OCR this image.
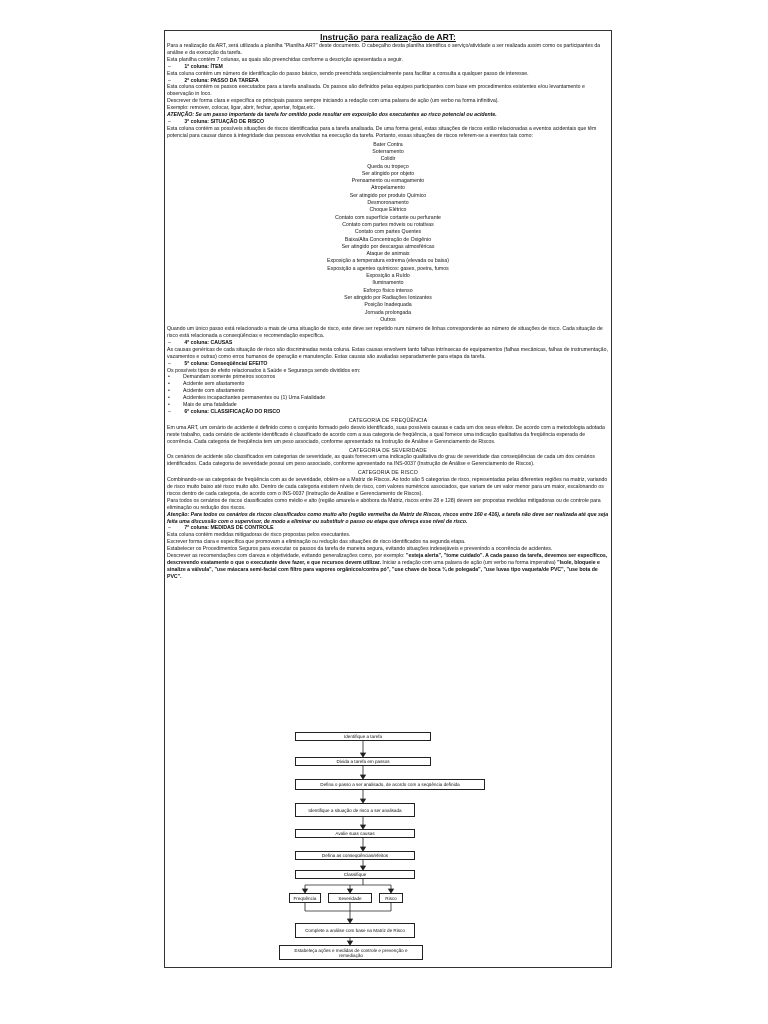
Instrução para realização de ART:

Para a realização da ART, será utilizada a planilha "Planilha ART" deste documento. O cabeçalho desta planilha identifica o serviço/atividade a ser realizada assim como os participantes da análise e da execução da tarefa.

Esta planilha contém 7 colunas, as quais são preenchidas conforme a descrição apresentada a seguir.

– 1ª coluna: ÍTEM

Esta coluna contém um número de identificação do passo básico, sendo preenchida seqüencialmente para facilitar a consulta a qualquer passo de interesse.

– 2ª coluna: PASSO DA TAREFA

Esta coluna contém os passos executados para a tarefa analisada. Os passos são definidos pelas equipes participantes com base em procedimentos existentes e/ou levantamento e observação in loco.

Descrever de forma clara e específica os principais passos sempre iniciando a redação com uma palavra de ação (um verbo na forma infinitiva).

Exemplo: remover, colocar, ligar, abrir, fechar, apertar, folgar,etc.

ATENÇÃO: Se um passo importante da tarefa for omitido pode resultar em exposição dos executantes ao risco potencial ou acidente.

– 3ª coluna: SITUAÇÃO DE RISCO

Esta coluna contém as possíveis situações de riscos identificadas para a tarefa analisada. De uma forma geral, estas situações de riscos estão relacionadas a eventos acidentais que têm potencial para causar danos à integridade das pessoas envolvidas na execução da tarefa. Portanto, essas situações de riscos referem-se a eventos tais como:

Bater Contra
Soterramento
Colidir
Queda ou tropeço
Ser atingido por objeto
Prensamento ou esmagamento
Atropelamento
Ser atingido por produto Químico
Desmoronamento
Choque Elétrico
Contato com superfície cortante ou perfurante
Contato com partes móveis ou rotativas
Contato com partes Quentes
Baixa/Alta Concentração de Oxigênio
Ser atingido por descargas atmosféricas
Ataque de animais
Exposição a temperatura extrema (elevada ou baixa)
Exposição a agentes químicos: gases, poeira, fumos
Exposição a Ruído
Iluminamento
Esforço físico intenso
Ser atingido por Radiações Ionizantes
Posição Inadequada
Jornada prolongada
Outros

Quando um único passo está relacionado a mais de uma situação de risco, este deve ser repetido num número de linhas correspondente ao número de situações de risco. Cada situação de risco está relacionada a conseqüências e recomendação específica.

– 4ª coluna: CAUSAS

As causas genéricas de cada situação de risco são discriminadas nesta coluna. Estas causas envolvem tanto falhas intrínsecas de equipamentos (falhas mecânicas, falhas de instrumentação, vazamentos e outras) como erros humanos de operação e manutenção. Estas causas são avaliadas separadamente para etapa da tarefa.

– 5ª coluna: Conseqüência/ EFEITO

Os possíveis tipos de efeito relacionados à Saúde e Segurança sendo divididos em:

• Demandam somente primeiros socorros
• Acidente sem afastamento
• Acidente com afastamento
• Acidentes incapacitantes permanentes ou (1) Uma Fatalidade
• Mais de uma fatalidade

– 6ª coluna: CLASSIFICAÇÃO DO RISCO

CATEGORIA DE FREQÜÊNCIA

Em uma ART, um cenário de acidente é definido como o conjunto formado pelo desvio identificado, suas possíveis causas e cada um dos seus efeitos. De acordo com a metodologia adotada neste trabalho, cada cenário de acidente identificado é classificado de acordo com a sua categoria de freqüência, a qual fornece uma indicação qualitativa da freqüência esperada de ocorrência. Cada categoria de freqüência tem um peso associado, conforme apresentado na Instrução de Análise e Gerenciamento de Riscos.

CATEGORIA DE SEVERIDADE

Os cenários de acidente são classificados em categorias de severidade, as quais fornecem uma indicação qualitativa do grau de severidade das conseqüências de cada um dos cenários identificados. Cada categoria de severidade possui um peso associado, conforme apresentado na INS-0037 (Instrução de Análise e Gerenciamento de Riscos).

CATEGORIA DE RISCO

Combinando-se as categorias de freqüência com as de severidade, obtém-se a Matriz de Riscos. Ao todo são 5 categorias de risco, representadas pelas diferentes regiões na matriz, variando de risco muito baixo até risco muito alto. Dentro de cada categoria existem níveis de risco, com valores numéricos associados, que variam de um valor menor para um maior, escalonando os riscos dentro de cada categoria, de acordo com o INS-0037 (Instrução de Análise e Gerenciamento de Riscos).

Para todos os cenários de riscos classificados como médio e alto (região amarela e abóbora da Matriz, riscos entre 28 e 128) devem ser propostas medidas mitigadoras ou de controle para eliminação ou redução dos riscos.

Atenção: Para todos os cenários de riscos classificados como muito alto (região vermelha da Matriz de Riscos, riscos entre 160 e 416), a tarefa não deve ser realizada até que seja feita uma discussão com o supervisor, de modo a eliminar ou substituir o passo ou etapa que ofereça esse nível de risco.

– 7ª coluna: MEDIDAS DE CONTROLE

Esta coluna contém medidas mitigadoras de risco propostas pelos executantes.

Escrever forma clara e específica que promovam a eliminação ou redução das situações de risco identificados na segunda etapa.

Estabelecer os Procedimentos Seguros para executar os passos da tarefa de maneira segura, evitando situações indesejáveis e prevenindo a ocorrência de acidentes.

Descrever as recomendações com clareza e objetividade, evitando generalizações como, por exemplo: "esteja alerta", "tome cuidado". A cada passo da tarefa, devemos ser específicos, descrevendo exatamente o que o executante deve fazer, e que recursos devem utilizar. Iniciar a redação com uma palavra de ação (um verbo na forma imperativa) "Isole, bloqueie e sinalize a válvula", "use máscara semi-facial com filtro para vapores orgânicos/contra pó", "use chave de boca ¾ de polegada", "use luvas tipo vaqueta/de PVC", "use bota de PVC".

Identifique a tarefa
Divida a tarefa em passos
Defina o passo a ser analisado, de acordo com a seqüência definida
Identifique a situação de risco a ser analisada
Avalie suas causas
Defina as conseqüências/efeitos
Classifique
Freqüência	Severidade	Risco
Complete a análise com base na Matriz de Risco
Estabeleça ações e medidas de controle e prevenção e remediação
